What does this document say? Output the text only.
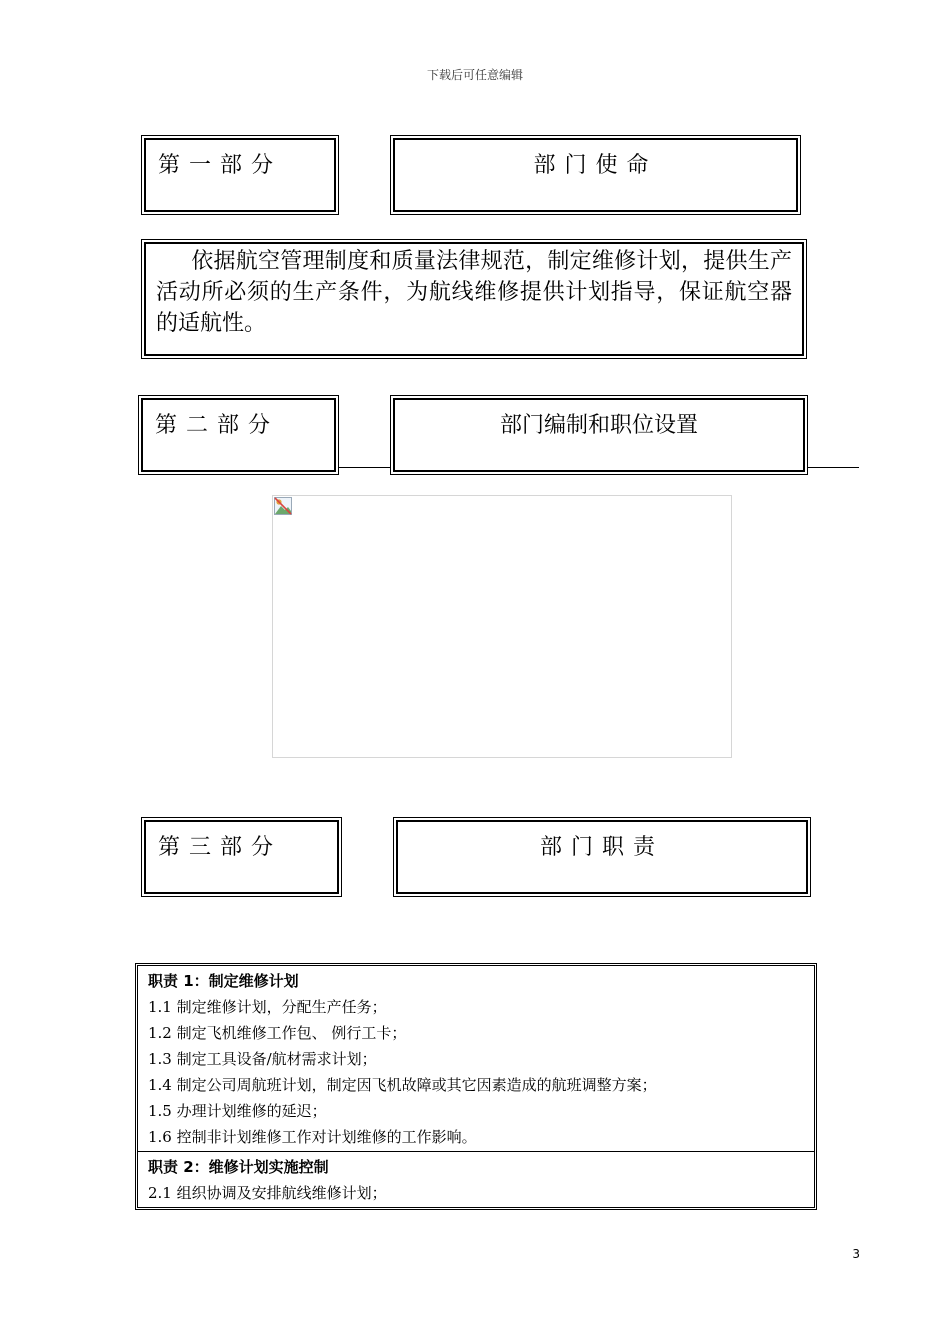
下载后可任意编辑
第一部分	部门使命
依据航空管理制度和质量法律规范，制定维修计划，提供生产活动所必须的生产条件，为航线维修提供计划指导，保证航空器的适航性。
第二部分	部门编制和职位设置
第三部分	部门职责
职责 1：制定维修计划
1.1 制定维修计划，分配生产任务；
1.2 制定飞机维修工作包、 例行工卡；
1.3 制定工具设备/航材需求计划；
1.4 制定公司周航班计划，制定因飞机故障或其它因素造成的航班调整方案；
1.5 办理计划维修的延迟；
1.6 控制非计划维修工作对计划维修的工作影响。
职责 2：维修计划实施控制
2.1 组织协调及安排航线维修计划；
3
